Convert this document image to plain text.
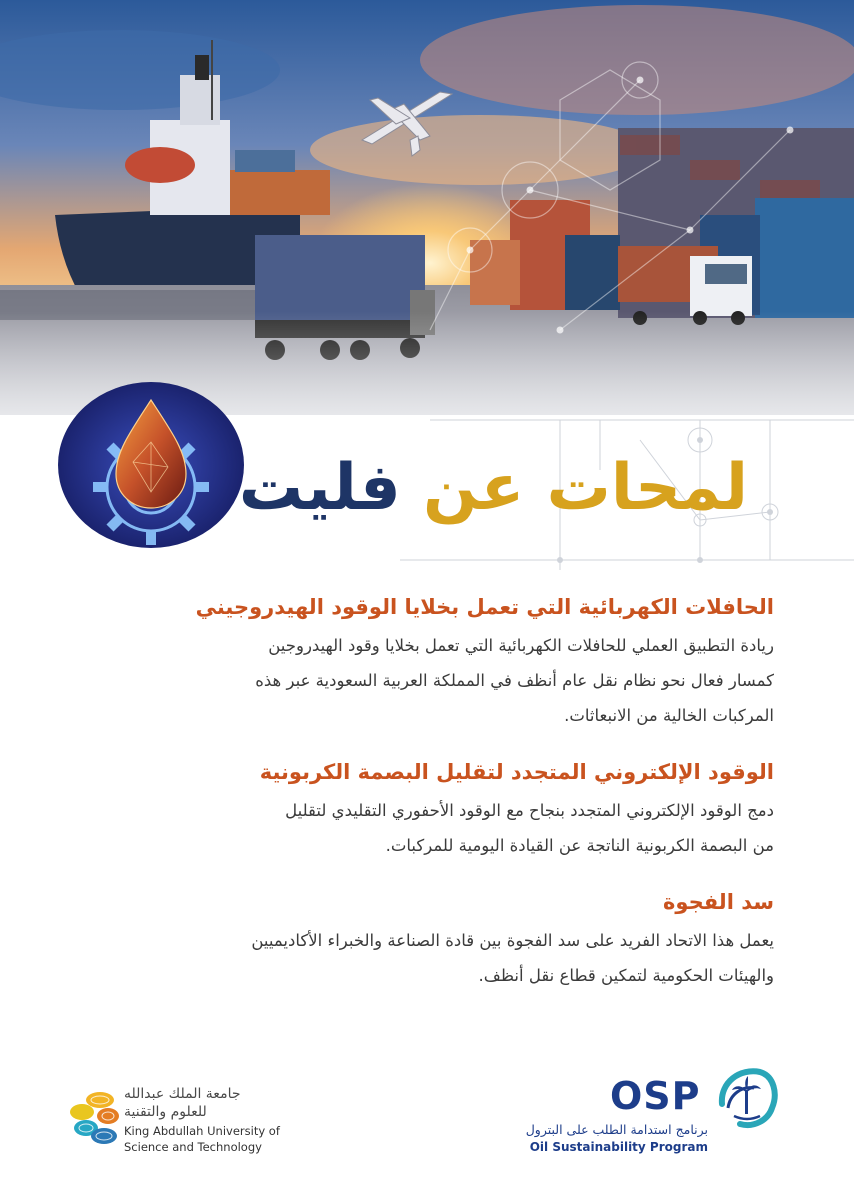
لمحات عن فليت
الحافلات الكهربائية التي تعمل بخلايا الوقود الهيدروجيني

ريادة التطبيق العملي للحافلات الكهربائية التي تعمل بخلايا وقود الهيدروجين
كمسار فعال نحو نظام نقل عام أنظف في المملكة العربية السعودية عبر هذه
المركبات الخالية من الانبعاثات.

الوقود الإلكتروني المتجدد لتقليل البصمة الكربونية

دمج الوقود الإلكتروني المتجدد بنجاح مع الوقود الأحفوري التقليدي لتقليل
من البصمة الكربونية الناتجة عن القيادة اليومية للمركبات.

سد الفجوة

يعمل هذا الاتحاد الفريد على سد الفجوة بين قادة الصناعة والخبراء الأكاديميين
والهيئات الحكومية لتمكين قطاع نقل أنظف.

OSP
برنامج استدامة الطلب على البترول
Oil Sustainability Program
جامعة الملك عبدالله
للعلوم والتقنية
King Abdullah University of
Science and Technology
